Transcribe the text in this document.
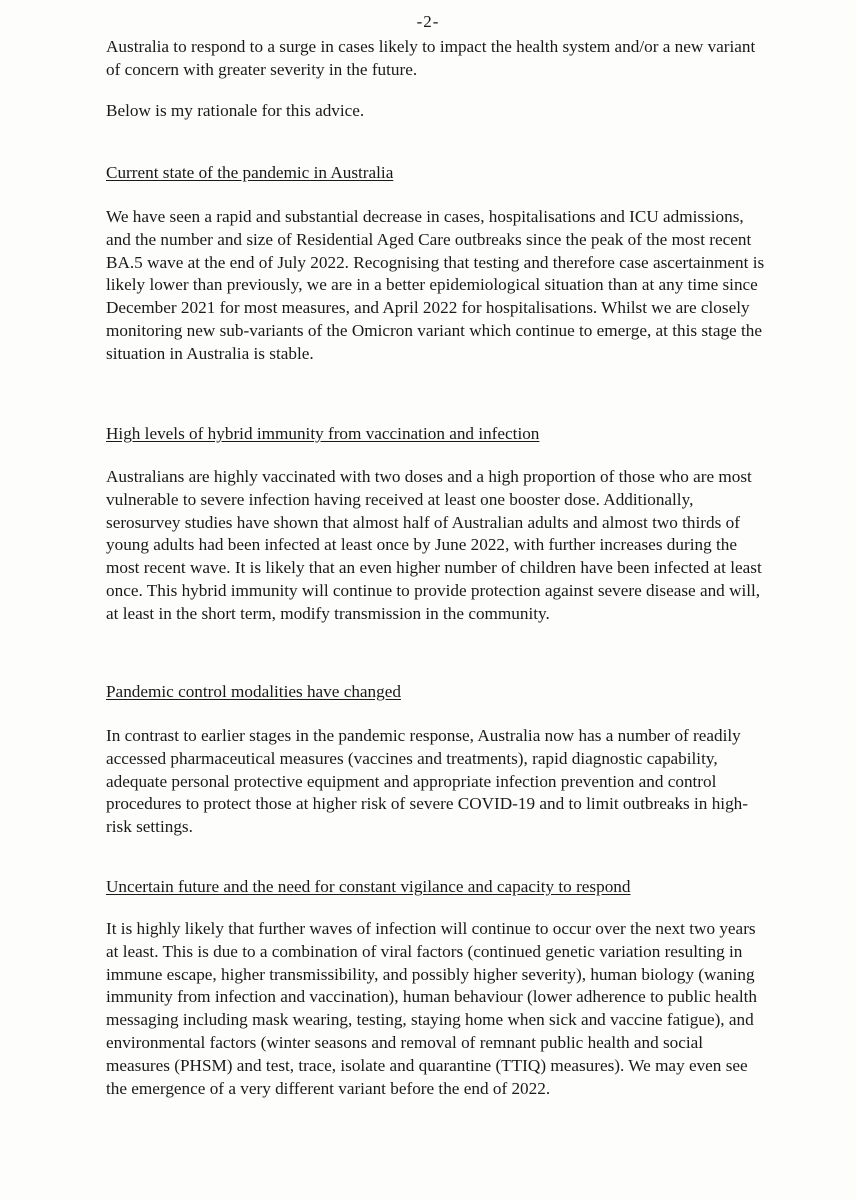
-2-

Australia to respond to a surge in cases likely to impact the health system and/or a new variant of concern with greater severity in the future.

Below is my rationale for this advice.

Current state of the pandemic in Australia

We have seen a rapid and substantial decrease in cases, hospitalisations and ICU admissions, and the number and size of Residential Aged Care outbreaks since the peak of the most recent BA.5 wave at the end of July 2022. Recognising that testing and therefore case ascertainment is likely lower than previously, we are in a better epidemiological situation than at any time since December 2021 for most measures, and April 2022 for hospitalisations. Whilst we are closely monitoring new sub-variants of the Omicron variant which continue to emerge, at this stage the situation in Australia is stable.

High levels of hybrid immunity from vaccination and infection

Australians are highly vaccinated with two doses and a high proportion of those who are most vulnerable to severe infection having received at least one booster dose. Additionally, serosurvey studies have shown that almost half of Australian adults and almost two thirds of young adults had been infected at least once by June 2022, with further increases during the most recent wave. It is likely that an even higher number of children have been infected at least once. This hybrid immunity will continue to provide protection against severe disease and will, at least in the short term, modify transmission in the community.

Pandemic control modalities have changed

In contrast to earlier stages in the pandemic response, Australia now has a number of readily accessed pharmaceutical measures (vaccines and treatments), rapid diagnostic capability, adequate personal protective equipment and appropriate infection prevention and control procedures to protect those at higher risk of severe COVID-19 and to limit outbreaks in high-risk settings.

Uncertain future and the need for constant vigilance and capacity to respond

It is highly likely that further waves of infection will continue to occur over the next two years at least. This is due to a combination of viral factors (continued genetic variation resulting in immune escape, higher transmissibility, and possibly higher severity), human biology (waning immunity from infection and vaccination), human behaviour (lower adherence to public health messaging including mask wearing, testing, staying home when sick and vaccine fatigue), and environmental factors (winter seasons and removal of remnant public health and social measures (PHSM) and test, trace, isolate and quarantine (TTIQ) measures). We may even see the emergence of a very different variant before the end of 2022.
